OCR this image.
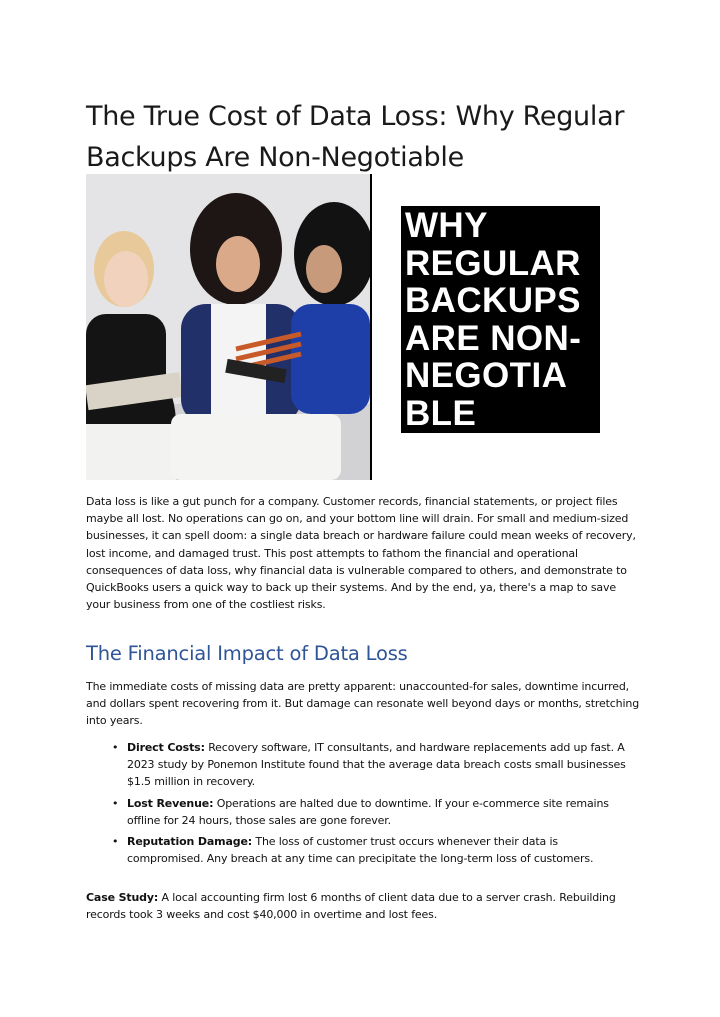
The True Cost of Data Loss: Why Regular Backups Are Non-Negotiable
WHY
REGULAR
BACKUPS
ARE NON-
NEGOTIA
BLE

Data loss is like a gut punch for a company. Customer records, financial statements, or project files maybe all lost. No operations can go on, and your bottom line will drain. For small and medium-sized businesses, it can spell doom: a single data breach or hardware failure could mean weeks of recovery, lost income, and damaged trust. This post attempts to fathom the financial and operational consequences of data loss, why financial data is vulnerable compared to others, and demonstrate to QuickBooks users a quick way to back up their systems. And by the end, ya, there's a map to save your business from one of the costliest risks.

The Financial Impact of Data Loss

The immediate costs of missing data are pretty apparent: unaccounted-for sales, downtime incurred, and dollars spent recovering from it. But damage can resonate well beyond days or months, stretching into years.

• Direct Costs: Recovery software, IT consultants, and hardware replacements add up fast. A 2023 study by Ponemon Institute found that the average data breach costs small businesses $1.5 million in recovery.
• Lost Revenue: Operations are halted due to downtime. If your e-commerce site remains offline for 24 hours, those sales are gone forever.
• Reputation Damage: The loss of customer trust occurs whenever their data is compromised. Any breach at any time can precipitate the long-term loss of customers.

Case Study: A local accounting firm lost 6 months of client data due to a server crash. Rebuilding records took 3 weeks and cost $40,000 in overtime and lost fees.
